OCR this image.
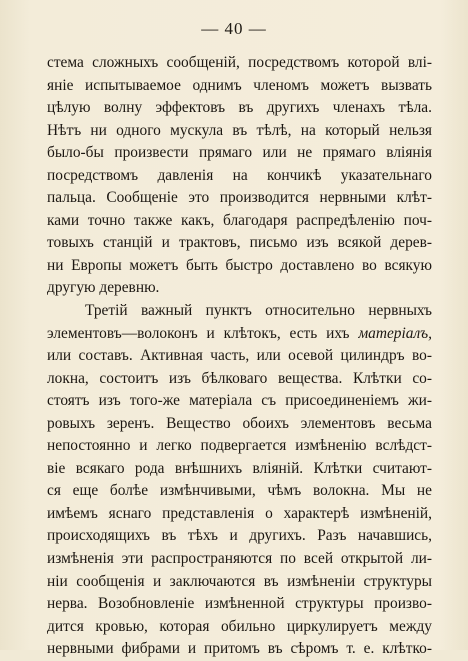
— 40 —
стема сложныхъ сообщеній, посредствомъ которой влі-
яніе испытываемое однимъ членомъ можетъ вызвать
цѣлую волну эффектовъ въ другихъ членахъ тѣла.
Нѣтъ ни одного мускула въ тѣлѣ, на который нельзя
было-бы произвести прямаго или не прямаго вліянія
посредствомъ давленія на кончикѣ указательнаго
пальца. Сообщеніе это производится нервными клѣт-
ками точно также какъ, благодаря распредѣленію поч-
товыхъ станцій и трактовъ, письмо изъ всякой дерев-
ни Европы можетъ быть быстро доставлено во всякую
другую деревню.
Третій важный пунктъ относительно нервныхъ
элементовъ—волоконъ и клѣтокъ, есть ихъ матеріалъ,
или составъ. Активная часть, или осевой цилиндръ во-
локна, состоитъ изъ бѣлковаго вещества. Клѣтки со-
стоятъ изъ того-же матеріала съ присоединеніемъ жи-
ровыхъ зеренъ. Вещество обоихъ элементовъ весьма
непостоянно и легко подвергается измѣненію вслѣдст-
віе всякаго рода внѣшнихъ вліяній. Клѣтки считают-
ся еще болѣе измѣнчивыми, чѣмъ волокна. Мы не
имѣемъ яснаго представленія о характерѣ измѣненій,
происходящихъ въ тѣхъ и другихъ. Разъ начавшись,
измѣненія эти распространяются по всей открытой ли-
ніи сообщенія и заключаются въ измѣненіи структуры
нерва. Возобновленіе измѣненной структуры произво-
дится кровью, которая обильно циркулируетъ между
нервными фибрами и притомъ въ сѣромъ т. е. клѣтко-
